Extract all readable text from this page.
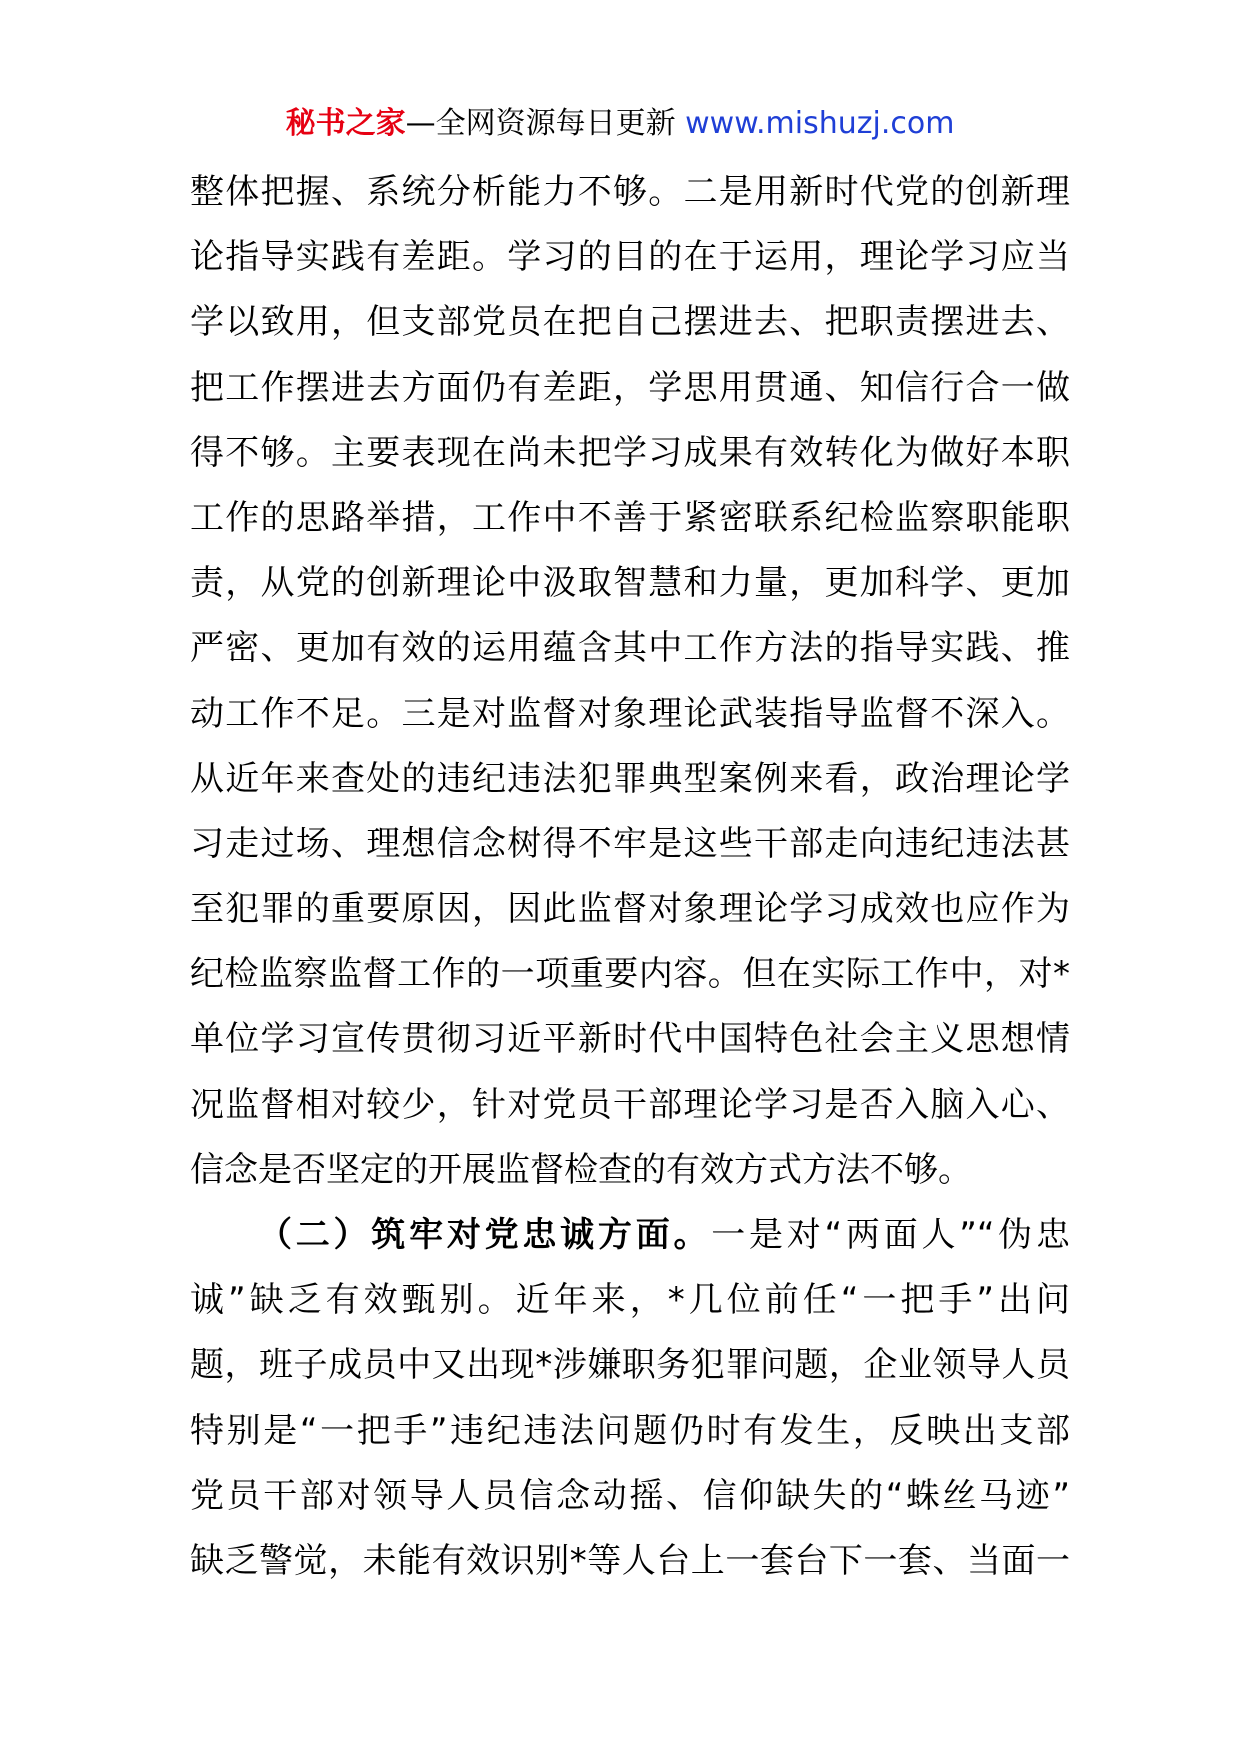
秘书之家—全网资源每日更新 www.mishuzj.com
整体把握、系统分析能力不够。二是用新时代党的创新理
论指导实践有差距。学习的目的在于运用，理论学习应当
学以致用，但支部党员在把自己摆进去、把职责摆进去、
把工作摆进去方面仍有差距，学思用贯通、知信行合一做
得不够。主要表现在尚未把学习成果有效转化为做好本职
工作的思路举措，工作中不善于紧密联系纪检监察职能职
责，从党的创新理论中汲取智慧和力量，更加科学、更加
严密、更加有效的运用蕴含其中工作方法的指导实践、推
动工作不足。三是对监督对象理论武装指导监督不深入。
从近年来查处的违纪违法犯罪典型案例来看，政治理论学
习走过场、理想信念树得不牢是这些干部走向违纪违法甚
至犯罪的重要原因，因此监督对象理论学习成效也应作为
纪检监察监督工作的一项重要内容。但在实际工作中，对*
单位学习宣传贯彻习近平新时代中国特色社会主义思想情
况监督相对较少，针对党员干部理论学习是否入脑入心、
信念是否坚定的开展监督检查的有效方式方法不够。
（二）筑牢对党忠诚方面。一是对“两面人”“伪忠
诚”缺乏有效甄别。近年来，*几位前任“一把手”出问
题，班子成员中又出现*涉嫌职务犯罪问题，企业领导人员
特别是“一把手”违纪违法问题仍时有发生，反映出支部
党员干部对领导人员信念动摇、信仰缺失的“蛛丝马迹”
缺乏警觉，未能有效识别*等人台上一套台下一套、当面一
